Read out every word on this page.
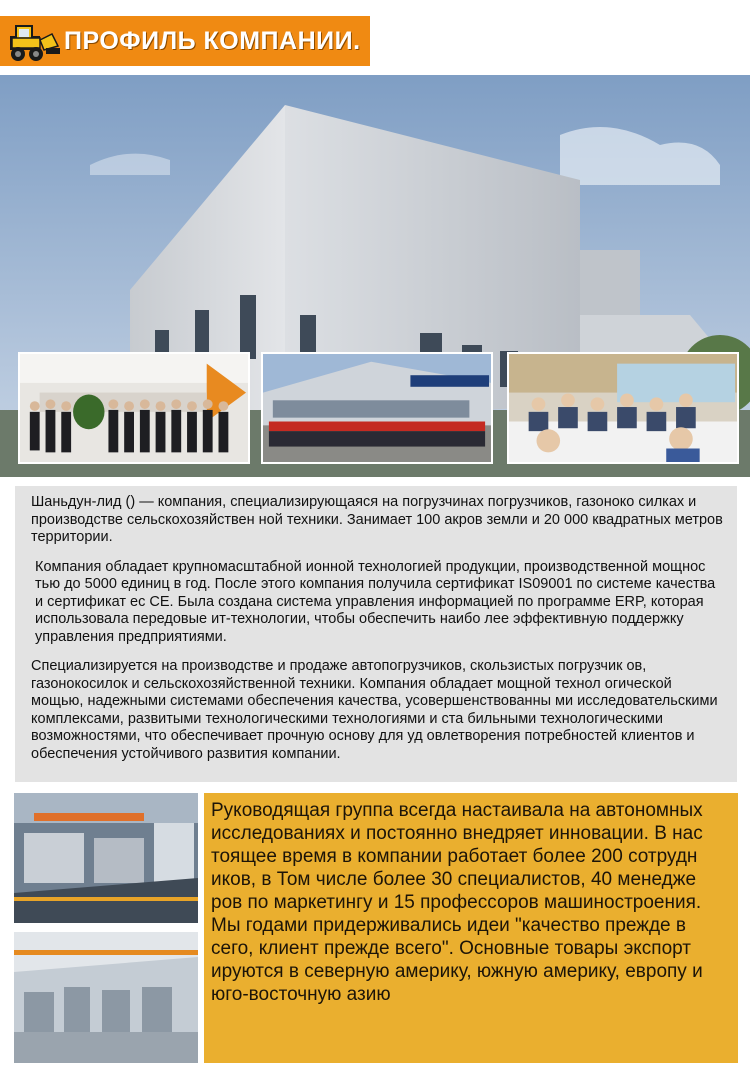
ПРОФИЛЬ КОМПАНИИ.

Шаньдун-лид () — компания, специализирующаяся на погрузчинах погрузчиков, газоноко силках и производстве сельскохозяйствен ной техники. Занимает 100 акров земли и 20 000 квадратных метров территории.

Компания обладает крупномасштабной ионной технологией продукции, производственной мощнос тью до 5000 единиц в год. После этого компания получила сертификат IS09001 по системе качества и сертификат ес CE. Была создана система управления информацией по программе ERP, которая использовала передовые ит-технологии, чтобы обеспечить наибо лее эффективную поддержку управления предприятиями.

Специализируется на производстве и продаже автопогрузчиков, скользистых погрузчик ов, газонокосилок и сельскохозяйственной техники. Компания обладает мощной технол огической мощью, надежными системами обеспечения качества, усовершенствованны ми исследовательскими комплексами, развитыми технологическими технологиями и ста бильными технологическими возможностями, что обеспечивает прочную основу для уд овлетворения потребностей клиентов и обеспечения устойчивого развития компании.

Руководящая группа всегда настаивала на автономных исследованиях и постоянно внедряет инновации. В нас тоящее время в компании работает более 200 сотрудн иков, в Том числе более 30 специалистов, 40 менедже ров по маркетингу и 15 профессоров машиностроения. Мы годами придерживались идеи "качество прежде в сего, клиент прежде всего". Основные товары экспорт ируются в северную америку, южную америку, европу и юго-восточную азию
